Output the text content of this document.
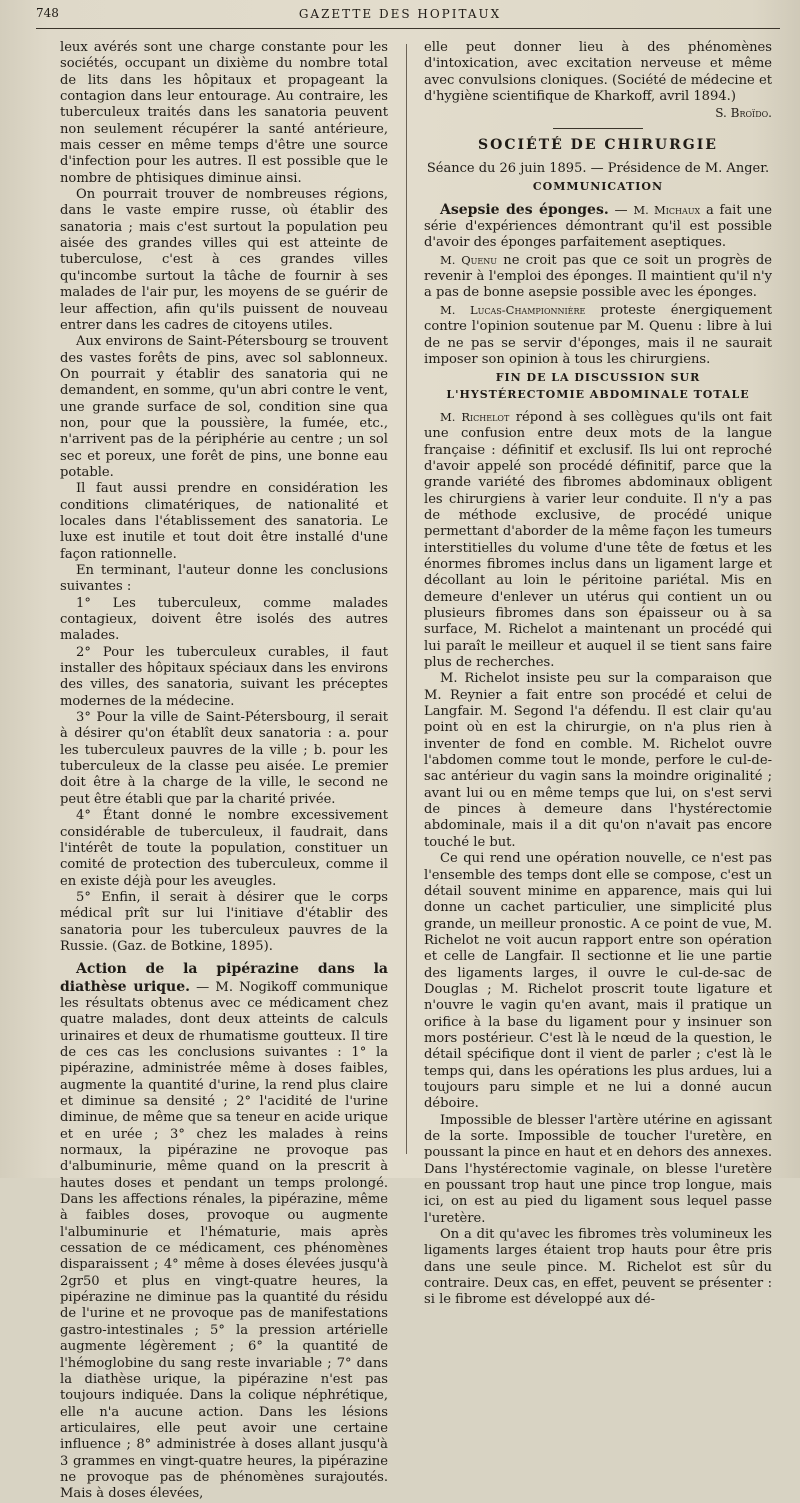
748	GAZETTE DES HOPITAUX

leux avérés sont une charge constante pour les sociétés, occupant un dixième du nombre total de lits dans les hôpitaux et propageant la contagion dans leur entourage. Au contraire, les tuberculeux traités dans les sanatoria peuvent non seulement récupérer la santé antérieure, mais cesser en même temps d'être une source d'infection pour les autres. Il est possible que le nombre de phtisiques diminue ainsi.

On pourrait trouver de nombreuses régions, dans le vaste empire russe, où établir des sanatoria ; mais c'est surtout la population peu aisée des grandes villes qui est atteinte de tuberculose, c'est à ces grandes villes qu'incombe surtout la tâche de fournir à ses malades de l'air pur, les moyens de se guérir de leur affection, afin qu'ils puissent de nouveau entrer dans les cadres de citoyens utiles.

Aux environs de Saint-Pétersbourg se trouvent des vastes forêts de pins, avec sol sablonneux. On pourrait y établir des sanatoria qui ne demandent, en somme, qu'un abri contre le vent, une grande surface de sol, condition sine qua non, pour que la poussière, la fumée, etc., n'arrivent pas de la périphérie au centre ; un sol sec et poreux, une forêt de pins, une bonne eau potable.

Il faut aussi prendre en considération les conditions climatériques, de nationalité et locales dans l'établissement des sanatoria. Le luxe est inutile et tout doit être installé d'une façon rationnelle.

En terminant, l'auteur donne les conclusions suivantes :

1° Les tuberculeux, comme malades contagieux, doivent être isolés des autres malades.

2° Pour les tuberculeux curables, il faut installer des hôpitaux spéciaux dans les environs des villes, des sanatoria, suivant les préceptes modernes de la médecine.

3° Pour la ville de Saint-Pétersbourg, il serait à désirer qu'on établît deux sanatoria : a. pour les tuberculeux pauvres de la ville ; b. pour les tuberculeux de la classe peu aisée. Le premier doit être à la charge de la ville, le second ne peut être établi que par la charité privée.

4° Étant donné le nombre excessivement considérable de tuberculeux, il faudrait, dans l'intérêt de toute la population, constituer un comité de protection des tuberculeux, comme il en existe déjà pour les aveugles.

5° Enfin, il serait à désirer que le corps médical prît sur lui l'initiave d'établir des sanatoria pour les tuberculeux pauvres de la Russie. (Gaz. de Botkine, 1895).

Action de la pipérazine dans la diathèse urique. — M. Nogikoff communique les résultats obtenus avec ce médicament chez quatre malades, dont deux atteints de calculs urinaires et deux de rhumatisme goutteux. Il tire de ces cas les conclusions suivantes : 1° la pipérazine, administrée même à doses faibles, augmente la quantité d'urine, la rend plus claire et diminue sa densité ; 2° l'acidité de l'urine diminue, de même que sa teneur en acide urique et en urée ; 3° chez les malades à reins normaux, la pipérazine ne provoque pas d'albuminurie, même quand on la prescrit à hautes doses et pendant un temps prolongé. Dans les affections rénales, la pipérazine, même à faibles doses, provoque ou augmente l'albuminurie et l'hématurie, mais après cessation de ce médicament, ces phénomènes disparaissent ; 4° même à doses élevées jusqu'à 2gr50 et plus en vingt-quatre heures, la pipérazine ne diminue pas la quantité du résidu de l'urine et ne provoque pas de manifestations gastro-intestinales ; 5° la pression artérielle augmente légèrement ; 6° la quantité de l'hémoglobine du sang reste invariable ; 7° dans la diathèse urique, la pipérazine n'est pas toujours indiquée. Dans la colique néphrétique, elle n'a aucune action. Dans les lésions articulaires, elle peut avoir une certaine influence ; 8° administrée à doses allant jusqu'à 3 grammes en vingt-quatre heures, la pipérazine ne provoque pas de phénomènes surajoutés. Mais à doses élevées,

elle peut donner lieu à des phénomènes d'intoxication, avec excitation nerveuse et même avec convulsions cloniques. (Société de médecine et d'hygiène scientifique de Kharkoff, avril 1894.)

S. Broïdo.
SOCIÉTÉ DE CHIRURGIE

Séance du 26 juin 1895. — Présidence de M. Anger.

COMMUNICATION

Asepsie des éponges. — M. Michaux a fait une série d'expériences démontrant qu'il est possible d'avoir des éponges parfaitement aseptiques.

M. Quenu ne croit pas que ce soit un progrès de revenir à l'emploi des éponges. Il maintient qu'il n'y a pas de bonne asepsie possible avec les éponges.

M. Lucas-Championnière proteste énergiquement contre l'opinion soutenue par M. Quenu : libre à lui de ne pas se servir d'éponges, mais il ne saurait imposer son opinion à tous les chirurgiens.

FIN DE LA DISCUSSION SUR L'HYSTÉRECTOMIE ABDOMINALE TOTALE

M. Richelot répond à ses collègues qu'ils ont fait une confusion entre deux mots de la langue française : définitif et exclusif. Ils lui ont reproché d'avoir appelé son procédé définitif, parce que la grande variété des fibromes abdominaux obligent les chirurgiens à varier leur conduite. Il n'y a pas de méthode exclusive, de procédé unique permettant d'aborder de la même façon les tumeurs interstitielles du volume d'une tête de fœtus et les énormes fibromes inclus dans un ligament large et décollant au loin le péritoine pariétal. Mis en demeure d'enlever un utérus qui contient un ou plusieurs fibromes dans son épaisseur ou à sa surface, M. Richelot a maintenant un procédé qui lui paraît le meilleur et auquel il se tient sans faire plus de recherches.

M. Richelot insiste peu sur la comparaison que M. Reynier a fait entre son procédé et celui de Langfair. M. Segond l'a défendu. Il est clair qu'au point où en est la chirurgie, on n'a plus rien à inventer de fond en comble. M. Richelot ouvre l'abdomen comme tout le monde, perfore le cul-de-sac antérieur du vagin sans la moindre originalité ; avant lui ou en même temps que lui, on s'est servi de pinces à demeure dans l'hystérectomie abdominale, mais il a dit qu'on n'avait pas encore touché le but.

Ce qui rend une opération nouvelle, ce n'est pas l'ensemble des temps dont elle se compose, c'est un détail souvent minime en apparence, mais qui lui donne un cachet particulier, une simplicité plus grande, un meilleur pronostic. A ce point de vue, M. Richelot ne voit aucun rapport entre son opération et celle de Langfair. Il sectionne et lie une partie des ligaments larges, il ouvre le cul-de-sac de Douglas ; M. Richelot proscrit toute ligature et n'ouvre le vagin qu'en avant, mais il pratique un orifice à la base du ligament pour y insinuer son mors postérieur. C'est là le nœud de la question, le détail spécifique dont il vient de parler ; c'est là le temps qui, dans les opérations les plus ardues, lui a toujours paru simple et ne lui a donné aucun déboire.

Impossible de blesser l'artère utérine en agissant de la sorte. Impossible de toucher l'uretère, en poussant la pince en haut et en dehors des annexes. Dans l'hystérectomie vaginale, on blesse l'uretère en poussant trop haut une pince trop longue, mais ici, on est au pied du ligament sous lequel passe l'uretère.

On a dit qu'avec les fibromes très volumineux les ligaments larges étaient trop hauts pour être pris dans une seule pince. M. Richelot est sûr du contraire. Deux cas, en effet, peuvent se présenter : si le fibrome est développé aux dé-
